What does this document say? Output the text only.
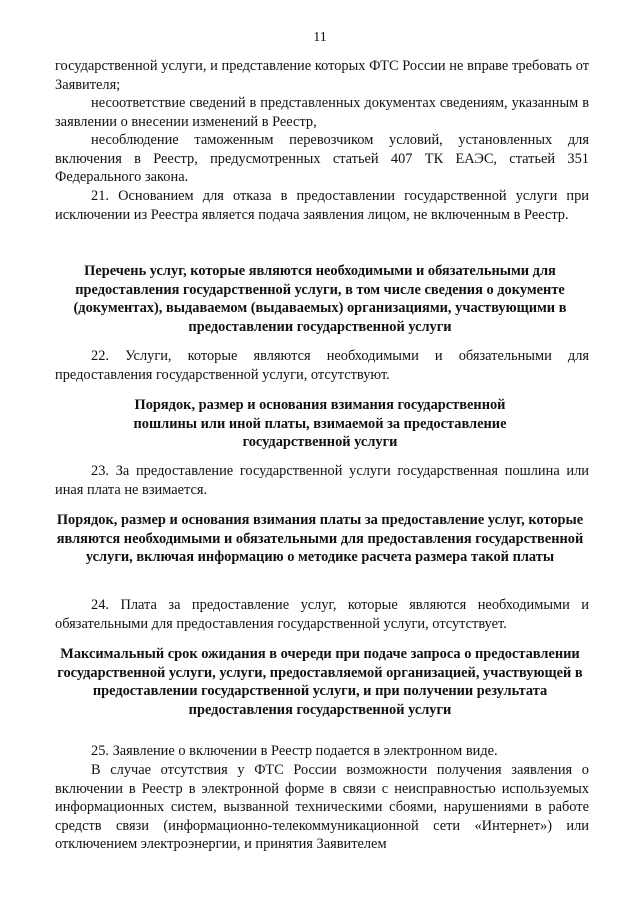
11

государственной услуги, и представление которых ФТС России не вправе требовать от Заявителя;

несоответствие сведений в представленных документах сведениям, указанным в заявлении о внесении изменений в Реестр,

несоблюдение таможенным перевозчиком условий, установленных для включения в Реестр, предусмотренных статьей 407 ТК ЕАЭС, статьей 351 Федерального закона.

21. Основанием для отказа в предоставлении государственной услуги при исключении из Реестра является подача заявления лицом, не включенным в Реестр.

Перечень услуг, которые являются необходимыми и обязательными для предоставления государственной услуги, в том числе сведения о документе (документах), выдаваемом (выдаваемых) организациями, участвующими в предоставлении государственной услуги

22. Услуги, которые являются необходимыми и обязательными для предоставления государственной услуги, отсутствуют.

Порядок, размер и основания взимания государственной пошлины или иной платы, взимаемой за предоставление государственной услуги

23. За предоставление государственной услуги государственная пошлина или иная плата не взимается.

Порядок, размер и основания взимания платы за предоставление услуг, которые являются необходимыми и обязательными для предоставления государственной услуги, включая информацию о методике расчета размера такой платы

24. Плата за предоставление услуг, которые являются необходимыми и обязательными для предоставления государственной услуги, отсутствует.

Максимальный срок ожидания в очереди при подаче запроса о предоставлении государственной услуги, услуги, предоставляемой организацией, участвующей в предоставлении государственной услуги, и при получении результата предоставления государственной услуги

25. Заявление о включении в Реестр подается в электронном виде.

В случае отсутствия у ФТС России возможности получения заявления о включении в Реестр в электронной форме в связи с неисправностью используемых информационных систем, вызванной техническими сбоями, нарушениями в работе средств связи (информационно-телекоммуникационной сети «Интернет») или отключением электроэнергии, и принятия Заявителем
